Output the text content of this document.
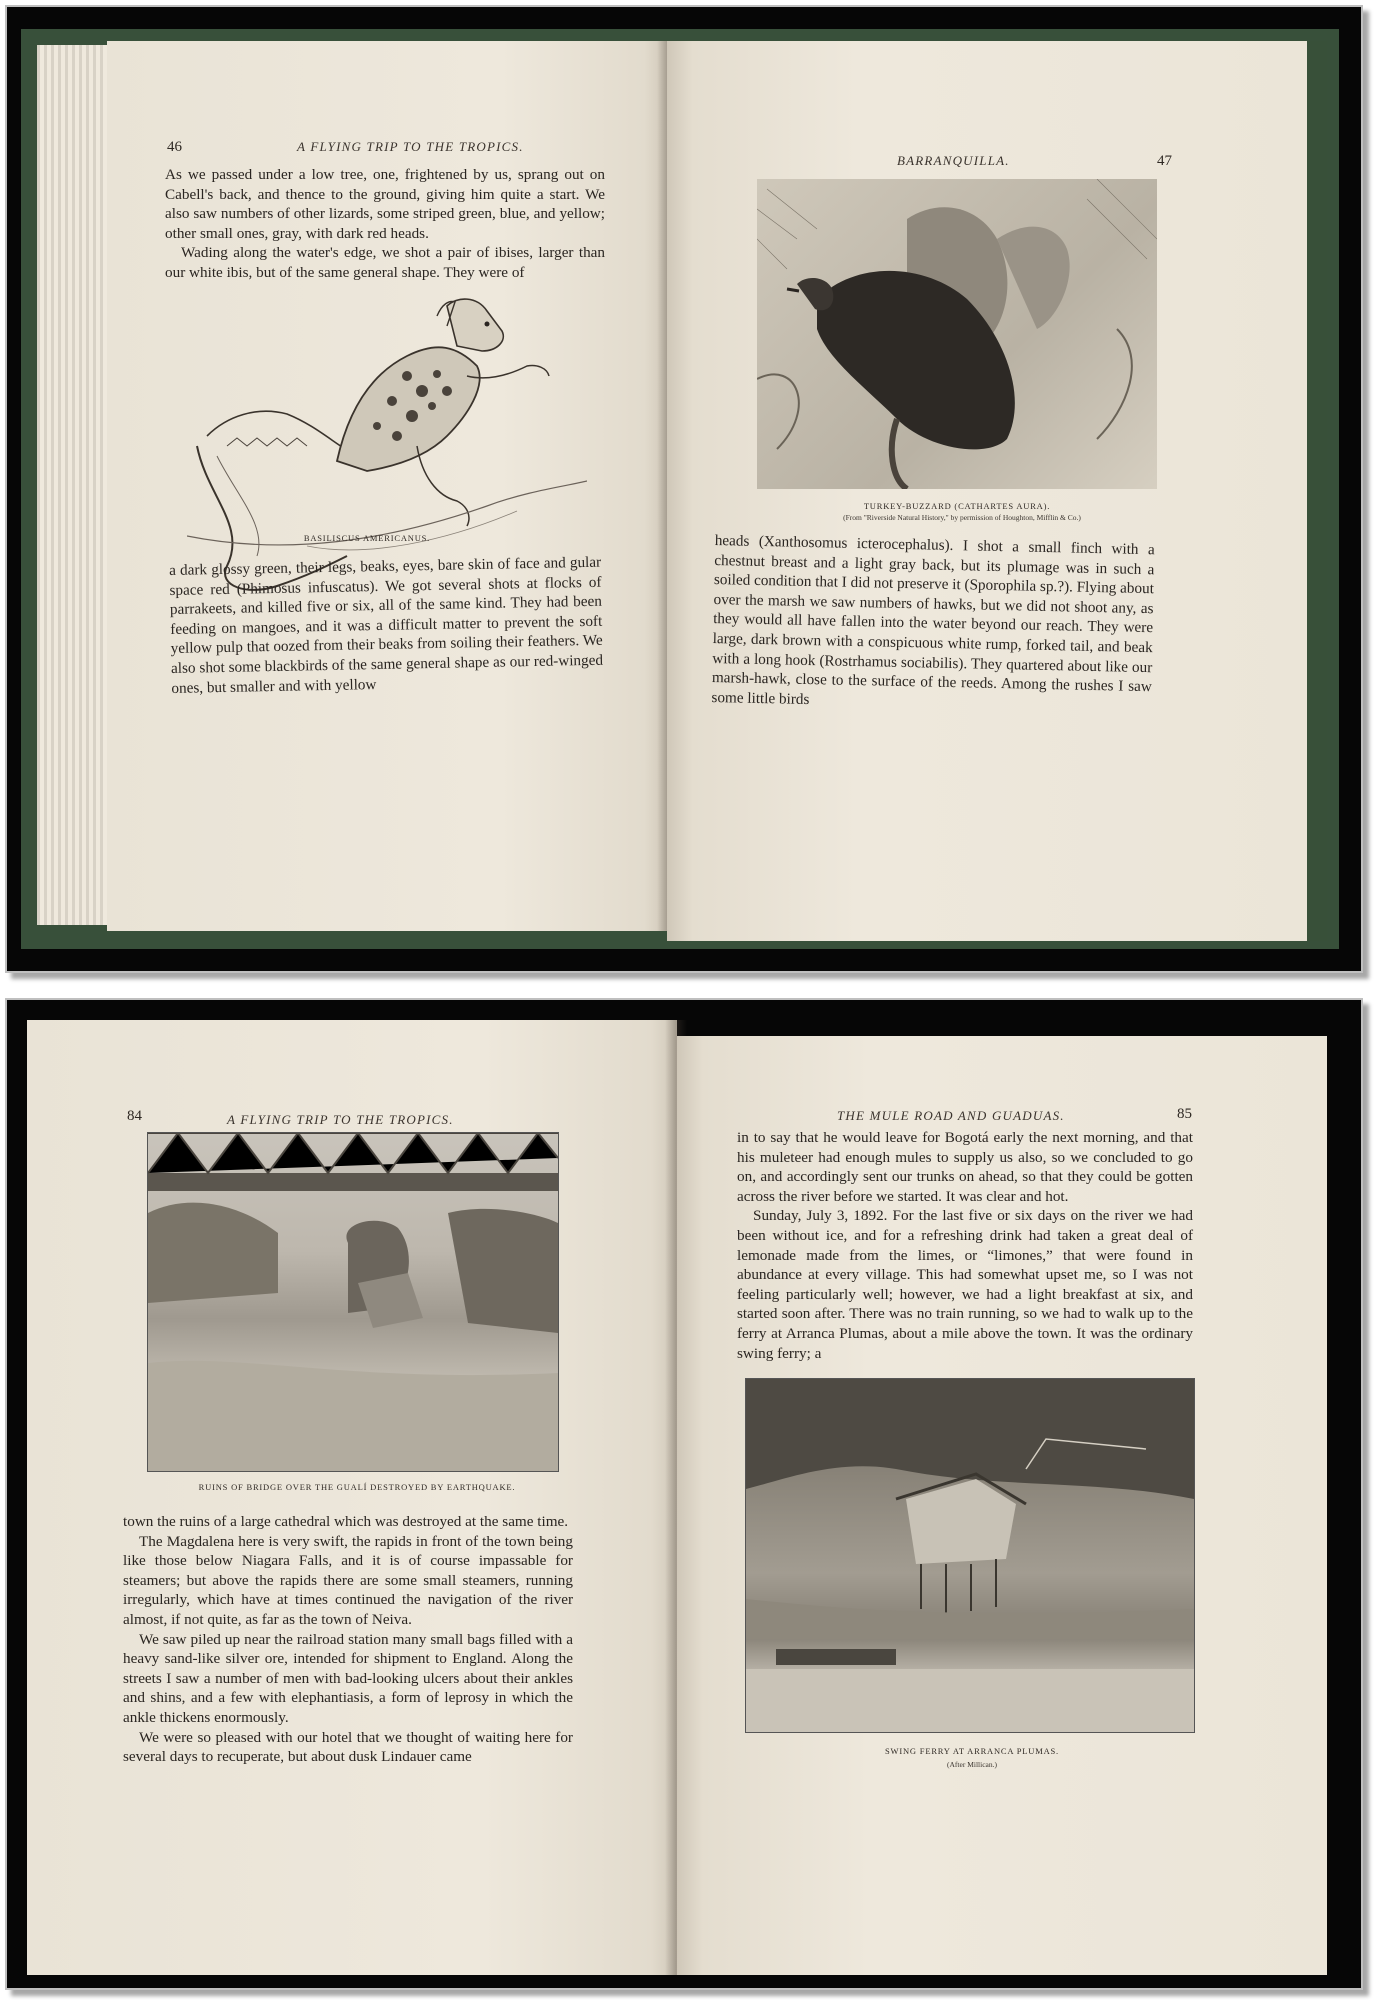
46	A FLYING TRIP TO THE TROPICS.

As we passed under a low tree, one, frightened by us, sprang out on Cabell's back, and thence to the ground, giving him quite a start. We also saw numbers of other lizards, some striped green, blue, and yellow; other small ones, gray, with dark red heads.

Wading along the water's edge, we shot a pair of ibises, larger than our white ibis, but of the same general shape. They were of

BASILISCUS AMERICANUS.

a dark glossy green, their legs, beaks, eyes, bare skin of face and gular space red (Phimosus infuscatus). We got several shots at flocks of parrakeets, and killed five or six, all of the same kind. They had been feeding on mangoes, and it was a difficult matter to prevent the soft yellow pulp that oozed from their beaks from soiling their feathers. We also shot some blackbirds of the same general shape as our red-winged ones, but smaller and with yellow

BARRANQUILLA.	47
TURKEY-BUZZARD (CATHARTES AURA).
(From "Riverside Natural History," by permission of Houghton, Mifflin & Co.)

heads (Xanthosomus icterocephalus). I shot a small finch with a chestnut breast and a light gray back, but its plumage was in such a soiled condition that I did not preserve it (Sporophila sp.?). Flying about over the marsh we saw numbers of hawks, but we did not shoot any, as they would all have fallen into the water beyond our reach. They were large, dark brown with a conspicuous white rump, forked tail, and beak with a long hook (Rostrhamus sociabilis). They quartered about like our marsh-hawk, close to the surface of the reeds. Among the rushes I saw some little birds

84	A FLYING TRIP TO THE TROPICS.
RUINS OF BRIDGE OVER THE GUALÍ DESTROYED BY EARTHQUAKE.

town the ruins of a large cathedral which was destroyed at the same time.

The Magdalena here is very swift, the rapids in front of the town being like those below Niagara Falls, and it is of course impassable for steamers; but above the rapids there are some small steamers, running irregularly, which have at times continued the navigation of the river almost, if not quite, as far as the town of Neiva.

We saw piled up near the railroad station many small bags filled with a heavy sand-like silver ore, intended for shipment to England. Along the streets I saw a number of men with bad-looking ulcers about their ankles and shins, and a few with elephantiasis, a form of leprosy in which the ankle thickens enormously.

We were so pleased with our hotel that we thought of waiting here for several days to recuperate, but about dusk Lindauer came

THE MULE ROAD AND GUADUAS.	85

in to say that he would leave for Bogotá early the next morning, and that his muleteer had enough mules to supply us also, so we concluded to go on, and accordingly sent our trunks on ahead, so that they could be gotten across the river before we started. It was clear and hot.

Sunday, July 3, 1892. For the last five or six days on the river we had been without ice, and for a refreshing drink had taken a great deal of lemonade made from the limes, or “limones,” that were found in abundance at every village. This had somewhat upset me, so I was not feeling particularly well; however, we had a light breakfast at six, and started soon after. There was no train running, so we had to walk up to the ferry at Arranca Plumas, about a mile above the town. It was the ordinary swing ferry; a

SWING FERRY AT ARRANCA PLUMAS.
(After Millican.)
